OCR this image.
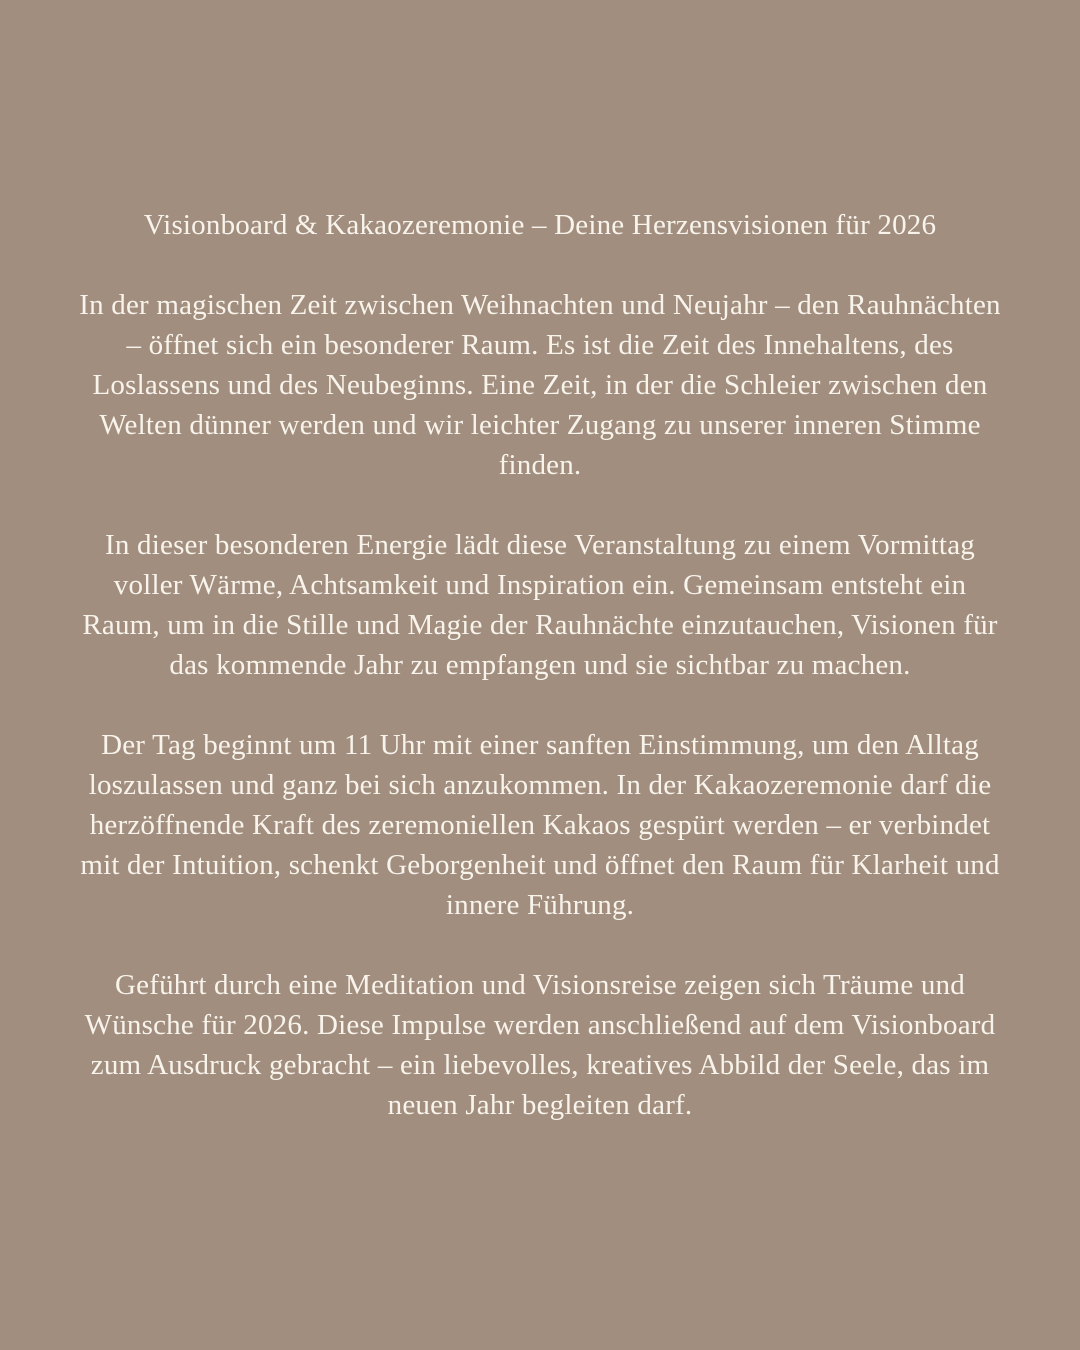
Visionboard & Kakaozeremonie – Deine Herzensvisionen für 2026

In der magischen Zeit zwischen Weihnachten und Neujahr – den Rauhnächten – öffnet sich ein besonderer Raum. Es ist die Zeit des Innehaltens, des Loslassens und des Neubeginns. Eine Zeit, in der die Schleier zwischen den Welten dünner werden und wir leichter Zugang zu unserer inneren Stimme finden.

In dieser besonderen Energie lädt diese Veranstaltung zu einem Vormittag voller Wärme, Achtsamkeit und Inspiration ein. Gemeinsam entsteht ein Raum, um in die Stille und Magie der Rauhnächte einzutauchen, Visionen für das kommende Jahr zu empfangen und sie sichtbar zu machen.

Der Tag beginnt um 11 Uhr mit einer sanften Einstimmung, um den Alltag loszulassen und ganz bei sich anzukommen. In der Kakaozeremonie darf die herzöffnende Kraft des zeremoniellen Kakaos gespürt werden – er verbindet mit der Intuition, schenkt Geborgenheit und öffnet den Raum für Klarheit und innere Führung.

Geführt durch eine Meditation und Visionsreise zeigen sich Träume und Wünsche für 2026. Diese Impulse werden anschließend auf dem Visionboard zum Ausdruck gebracht – ein liebevolles, kreatives Abbild der Seele, das im neuen Jahr begleiten darf.
